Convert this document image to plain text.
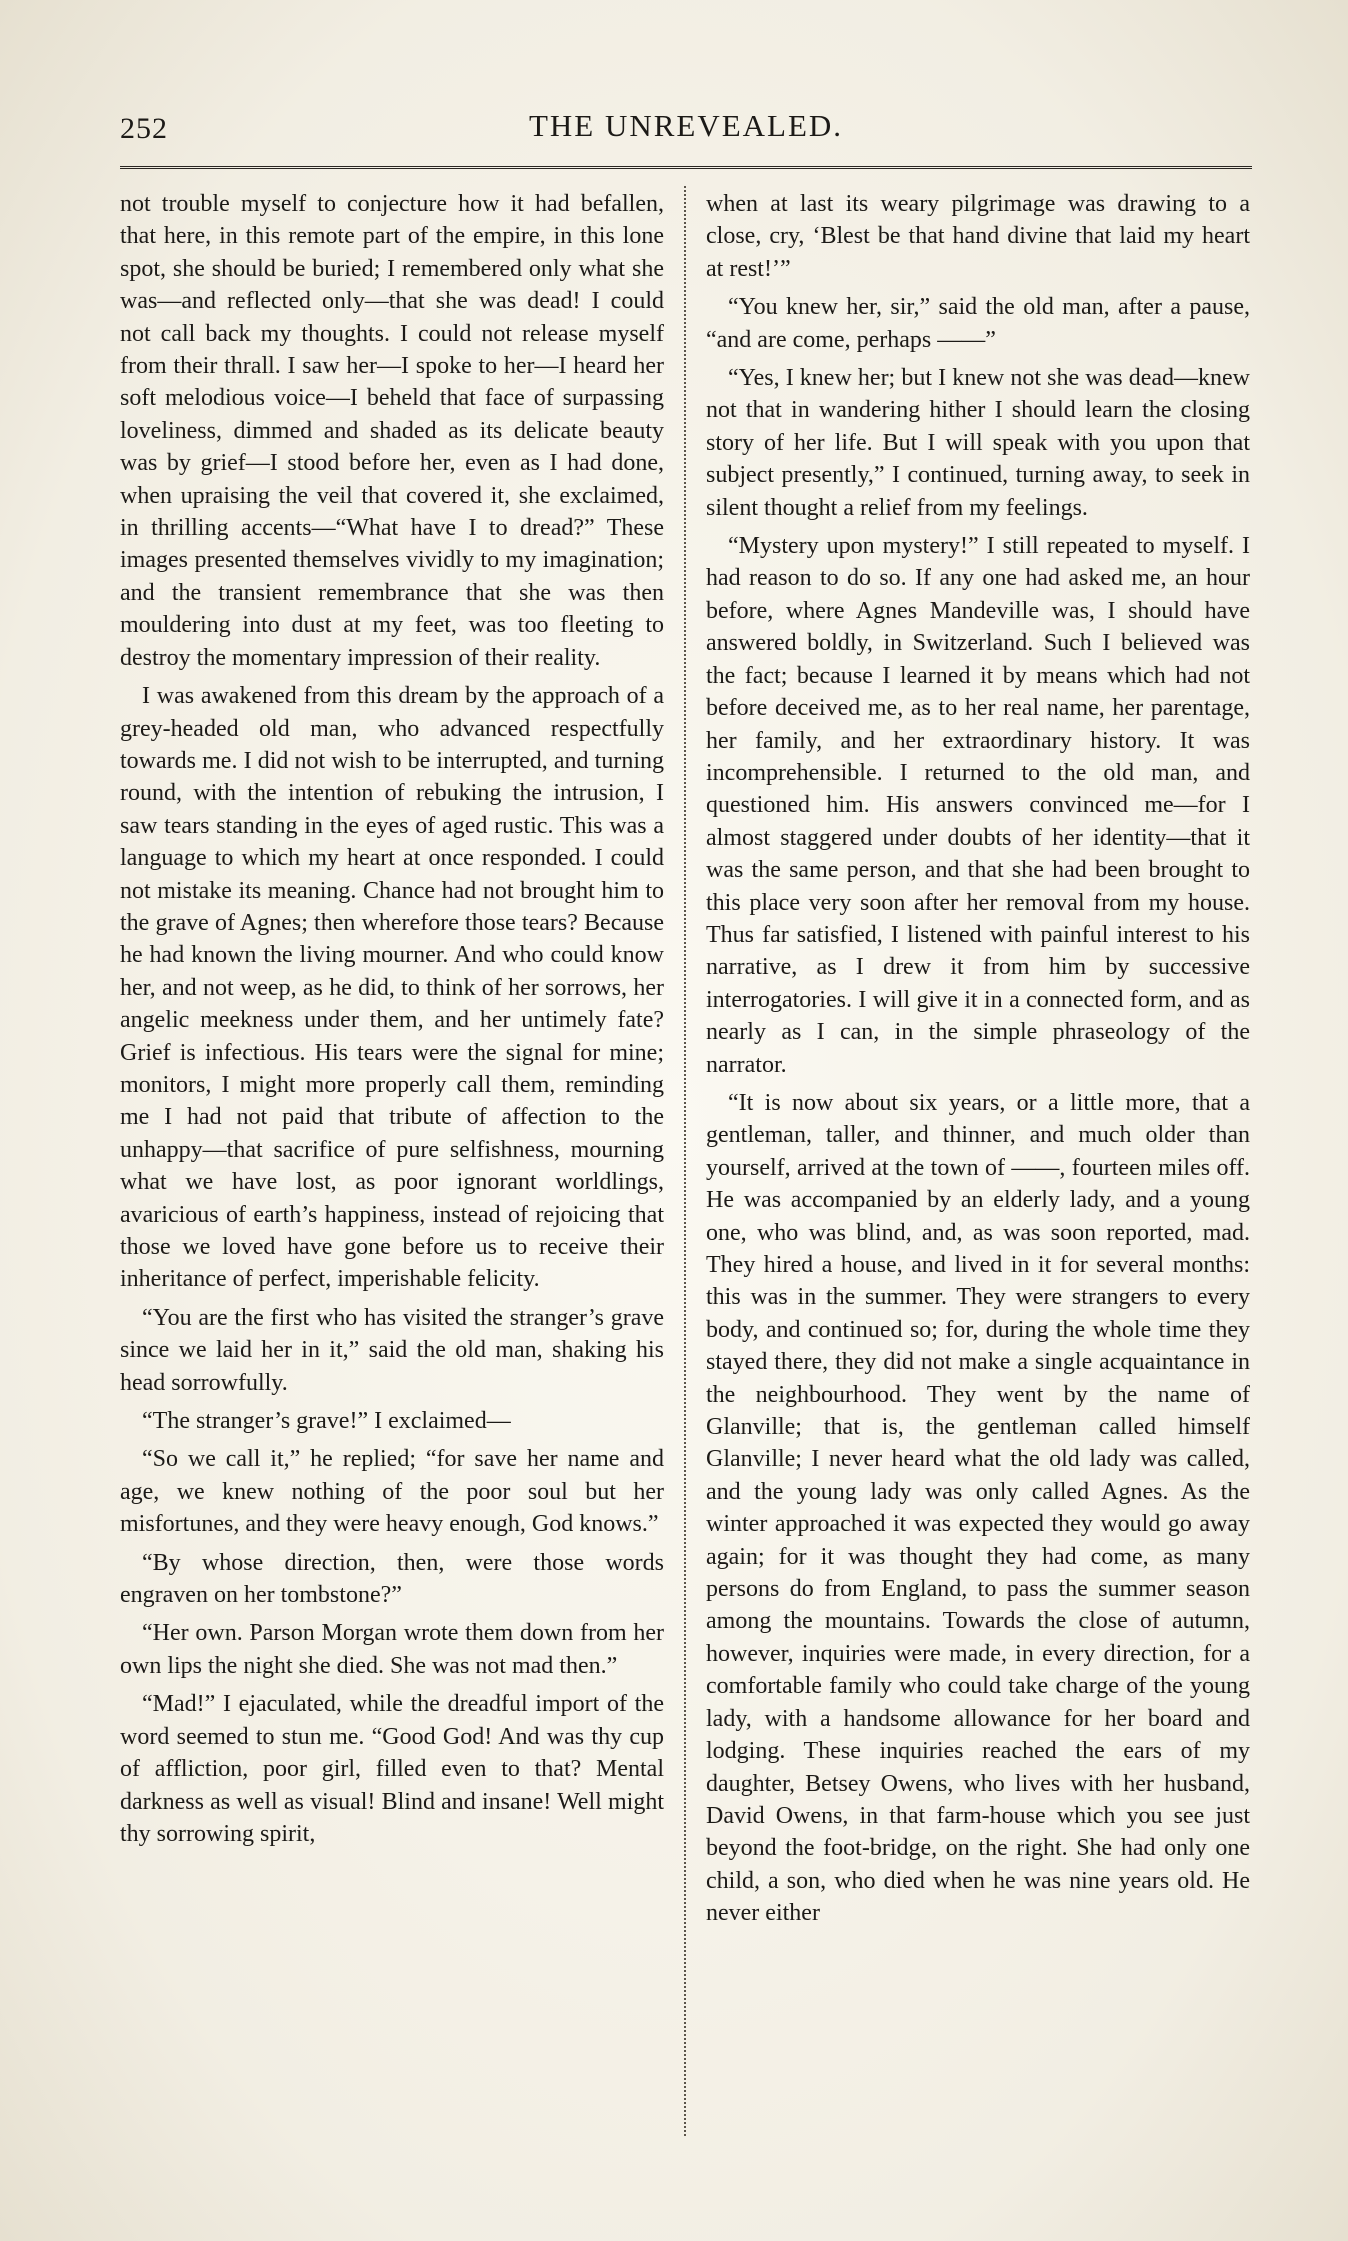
252	THE UNREVEALED.

not trouble myself to conjecture how it had befallen, that here, in this remote part of the empire, in this lone spot, she should be buried; I remembered only what she was—and reflected only—that she was dead! I could not call back my thoughts. I could not release myself from their thrall. I saw her—I spoke to her—I heard her soft melodious voice—I beheld that face of surpassing loveliness, dimmed and shaded as its delicate beauty was by grief—I stood before her, even as I had done, when upraising the veil that covered it, she exclaimed, in thrilling accents—“What have I to dread?” These images presented themselves vividly to my imagination; and the transient remembrance that she was then mouldering into dust at my feet, was too fleeting to destroy the momentary impression of their reality.

I was awakened from this dream by the approach of a grey-headed old man, who advanced respectfully towards me. I did not wish to be interrupted, and turning round, with the intention of rebuking the intrusion, I saw tears standing in the eyes of aged rustic. This was a language to which my heart at once responded. I could not mistake its meaning. Chance had not brought him to the grave of Agnes; then wherefore those tears? Because he had known the living mourner. And who could know her, and not weep, as he did, to think of her sorrows, her angelic meekness under them, and her untimely fate? Grief is infectious. His tears were the signal for mine; monitors, I might more properly call them, reminding me I had not paid that tribute of affection to the unhappy—that sacrifice of pure selfishness, mourning what we have lost, as poor ignorant worldlings, avaricious of earth’s happiness, instead of rejoicing that those we loved have gone before us to receive their inheritance of perfect, imperishable felicity.

“You are the first who has visited the stranger’s grave since we laid her in it,” said the old man, shaking his head sorrowfully.

“The stranger’s grave!” I exclaimed—

“So we call it,” he replied; “for save her name and age, we knew nothing of the poor soul but her misfortunes, and they were heavy enough, God knows.”

“By whose direction, then, were those words engraven on her tombstone?”

“Her own. Parson Morgan wrote them down from her own lips the night she died. She was not mad then.”

“Mad!” I ejaculated, while the dreadful import of the word seemed to stun me. “Good God! And was thy cup of affliction, poor girl, filled even to that? Mental darkness as well as visual! Blind and insane! Well might thy sorrowing spirit,

when at last its weary pilgrimage was drawing to a close, cry, ‘Blest be that hand divine that laid my heart at rest!’”

“You knew her, sir,” said the old man, after a pause, “and are come, perhaps ——”

“Yes, I knew her; but I knew not she was dead—knew not that in wandering hither I should learn the closing story of her life. But I will speak with you upon that subject presently,” I continued, turning away, to seek in silent thought a relief from my feelings.

“Mystery upon mystery!” I still repeated to myself. I had reason to do so. If any one had asked me, an hour before, where Agnes Mandeville was, I should have answered boldly, in Switzerland. Such I believed was the fact; because I learned it by means which had not before deceived me, as to her real name, her parentage, her family, and her extraordinary history. It was incomprehensible. I returned to the old man, and questioned him. His answers convinced me—for I almost staggered under doubts of her identity—that it was the same person, and that she had been brought to this place very soon after her removal from my house. Thus far satisfied, I listened with painful interest to his narrative, as I drew it from him by successive interrogatories. I will give it in a connected form, and as nearly as I can, in the simple phraseology of the narrator.

“It is now about six years, or a little more, that a gentleman, taller, and thinner, and much older than yourself, arrived at the town of ——, fourteen miles off. He was accompanied by an elderly lady, and a young one, who was blind, and, as was soon reported, mad. They hired a house, and lived in it for several months: this was in the summer. They were strangers to every body, and continued so; for, during the whole time they stayed there, they did not make a single acquaintance in the neighbourhood. They went by the name of Glanville; that is, the gentleman called himself Glanville; I never heard what the old lady was called, and the young lady was only called Agnes. As the winter approached it was expected they would go away again; for it was thought they had come, as many persons do from England, to pass the summer season among the mountains. Towards the close of autumn, however, inquiries were made, in every direction, for a comfortable family who could take charge of the young lady, with a handsome allowance for her board and lodging. These inquiries reached the ears of my daughter, Betsey Owens, who lives with her husband, David Owens, in that farm-house which you see just beyond the foot-bridge, on the right. She had only one child, a son, who died when he was nine years old. He never either
